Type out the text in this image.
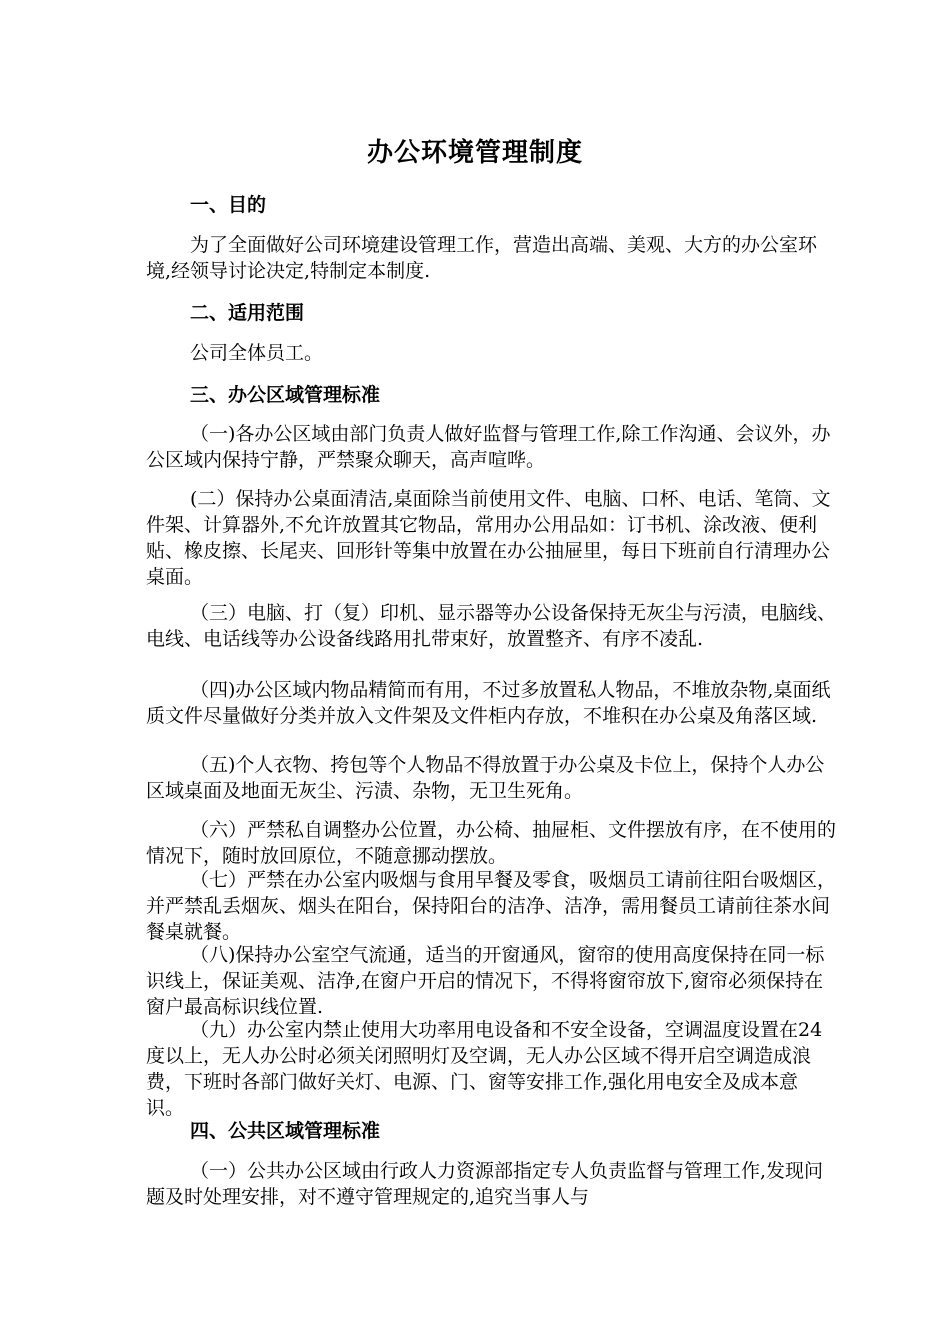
办公环境管理制度
一、目的

为了全面做好公司环境建设管理工作，营造出高端、美观、大方的办公室环境,经领导讨论决定,特制定本制度.

二、适用范围

公司全体员工。

三、办公区域管理标准

（一)各办公区域由部门负责人做好监督与管理工作,除工作沟通、会议外，办公区域内保持宁静，严禁聚众聊天，高声喧哗。

(二）保持办公桌面清洁,桌面除当前使用文件、电脑、口杯、电话、笔筒、文件架、计算器外,不允许放置其它物品，常用办公用品如：订书机、涂改液、便利贴、橡皮擦、长尾夹、回形针等集中放置在办公抽屉里，每日下班前自行清理办公桌面。

（三）电脑、打（复）印机、显示器等办公设备保持无灰尘与污渍，电脑线、电线、电话线等办公设备线路用扎带束好，放置整齐、有序不凌乱.

（四)办公区域内物品精简而有用，不过多放置私人物品，不堆放杂物,桌面纸质文件尽量做好分类并放入文件架及文件柜内存放，不堆积在办公桌及角落区域.

（五)个人衣物、挎包等个人物品不得放置于办公桌及卡位上，保持个人办公区域桌面及地面无灰尘、污渍、杂物，无卫生死角。

（六）严禁私自调整办公位置，办公椅、抽屉柜、文件摆放有序，在不使用的情况下，随时放回原位，不随意挪动摆放。

（七）严禁在办公室内吸烟与食用早餐及零食，吸烟员工请前往阳台吸烟区，并严禁乱丢烟灰、烟头在阳台，保持阳台的洁净、洁净，需用餐员工请前往茶水间餐桌就餐。

（八)保持办公室空气流通，适当的开窗通风，窗帘的使用高度保持在同一标识线上，保证美观、洁净,在窗户开启的情况下，不得将窗帘放下,窗帘必须保持在窗户最高标识线位置.

（九）办公室内禁止使用大功率用电设备和不安全设备，空调温度设置在24度以上，无人办公时必须关闭照明灯及空调，无人办公区域不得开启空调造成浪费，下班时各部门做好关灯、电源、门、窗等安排工作,强化用电安全及成本意识。

四、公共区域管理标准

（一）公共办公区域由行政人力资源部指定专人负责监督与管理工作,发现问题及时处理安排，对不遵守管理规定的,追究当事人与
